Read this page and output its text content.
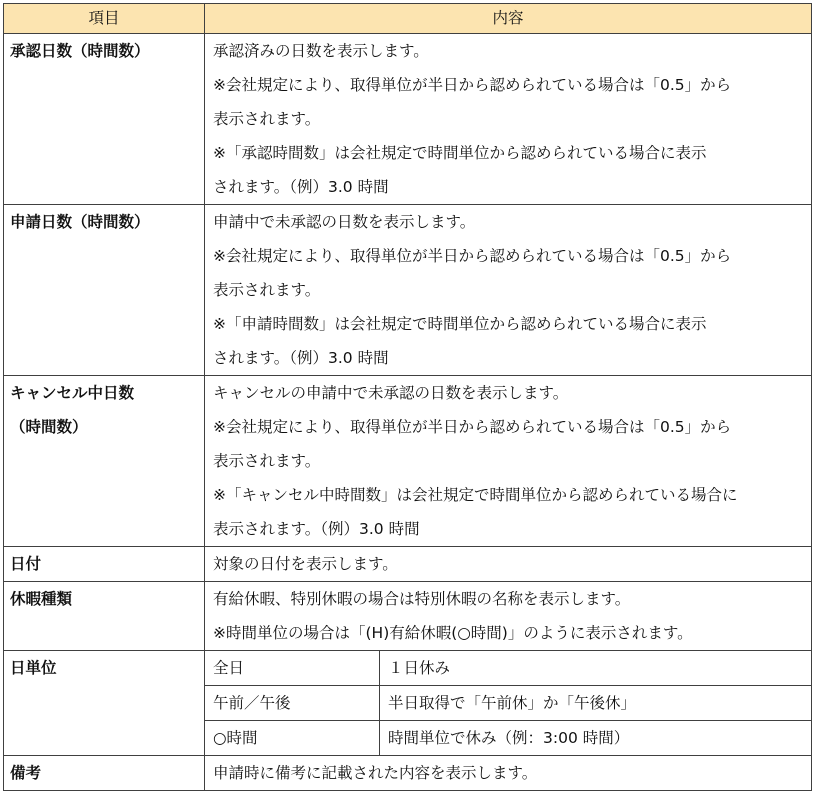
項目	内容	
承認日数（時間数）	承認済みの日数を表示します。
※会社規定により、取得単位が半日から認められている場合は「0.5」から
表示されます。
※「承認時間数」は会社規定で時間単位から認められている場合に表示
されます。（例）3.0 時間	

申請日数（時間数）	申請中で未承認の日数を表示します。
※会社規定により、取得単位が半日から認められている場合は「0.5」から
表示されます。
※「申請時間数」は会社規定で時間単位から認められている場合に表示
されます。（例）3.0 時間	

キャンセル中日数
（時間数）	キャンセルの申請中で未承認の日数を表示します。
※会社規定により、取得単位が半日から認められている場合は「0.5」から
表示されます。
※「キャンセル中時間数」は会社規定で時間単位から認められている場合に
表示されます。（例）3.0 時間	

日付	対象の日付を表示します。	

休暇種類	有給休暇、特別休暇の場合は特別休暇の名称を表示します。
※時間単位の場合は「(H)有給休暇(○時間)」のように表示されます。	

日単位	全日	１日休み
	午前／午後	半日取得で「午前休」か「午後休」
	○時間	時間単位で休み（例：3:00 時間）
備考	申請時に備考に記載された内容を表示します。	
